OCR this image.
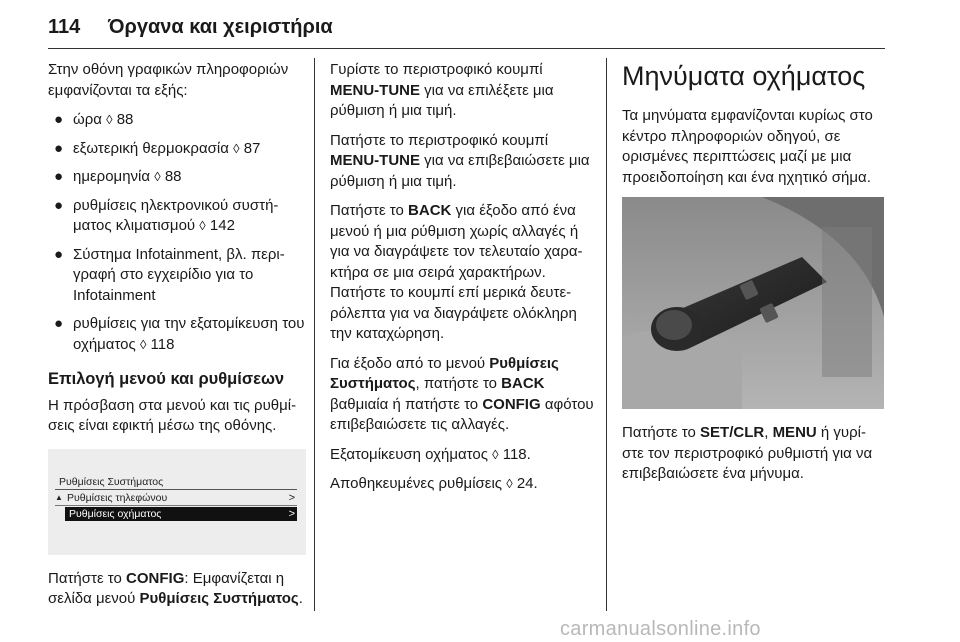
114 Όργανα και χειριστήρια

Στην οθόνη γραφικών πληροφοριών εμφανίζονται τα εξής:

● ώρα ◊ 88
● εξωτερική θερμοκρασία ◊ 87
● ημερομηνία ◊ 88
● ρυθμίσεις ηλεκτρονικού συστή-ματος κλιματισμού ◊ 142
● Σύστημα Infotainment, βλ. περι-γραφή στο εγχειρίδιο για το Infotainment
● ρυθμίσεις για την εξατομίκευση του οχήματος ◊ 118
Επιλογή μενού και ρυθμίσεων

Η πρόσβαση στα μενού και τις ρυθμί-σεις είναι εφικτή μέσω της οθόνης.

Ρυθμίσεις Συστήματος
▲ Ρυθμίσεις τηλεφώνου	>
Ρυθμίσεις οχήματος	>

Πατήστε το CONFIG: Εμφανίζεται η σελίδα μενού Ρυθμίσεις Συστήματος.

Γυρίστε το περιστροφικό κουμπί MENU-TUNE για να επιλέξετε μια ρύθμιση ή μια τιμή.

Πατήστε το περιστροφικό κουμπί MENU-TUNE για να επιβεβαιώσετε μια ρύθμιση ή μια τιμή.

Πατήστε το BACK για έξοδο από ένα μενού ή μια ρύθμιση χωρίς αλλαγές ή για να διαγράψετε τον τελευταίο χαρα-κτήρα σε μια σειρά χαρακτήρων. Πατήστε το κουμπί επί μερικά δευτε-ρόλεπτα για να διαγράψετε ολόκληρη την καταχώρηση.

Για έξοδο από το μενού Ρυθμίσεις Συστήματος, πατήστε το BACK βαθμιαία ή πατήστε το CONFIG αφότου επιβεβαιώσετε τις αλλαγές.

Εξατομίκευση οχήματος ◊ 118.

Αποθηκευμένες ρυθμίσεις ◊ 24.

Μηνύματα οχήματος

Τα μηνύματα εμφανίζονται κυρίως στο κέντρο πληροφοριών οδηγού, σε ορισμένες περιπτώσεις μαζί με μια προειδοποίηση και ένα ηχητικό σήμα.

Πατήστε το SET/CLR, MENU ή γυρί-στε τον περιστροφικό ρυθμιστή για να επιβεβαιώσετε ένα μήνυμα.

carmanualsonline.info
